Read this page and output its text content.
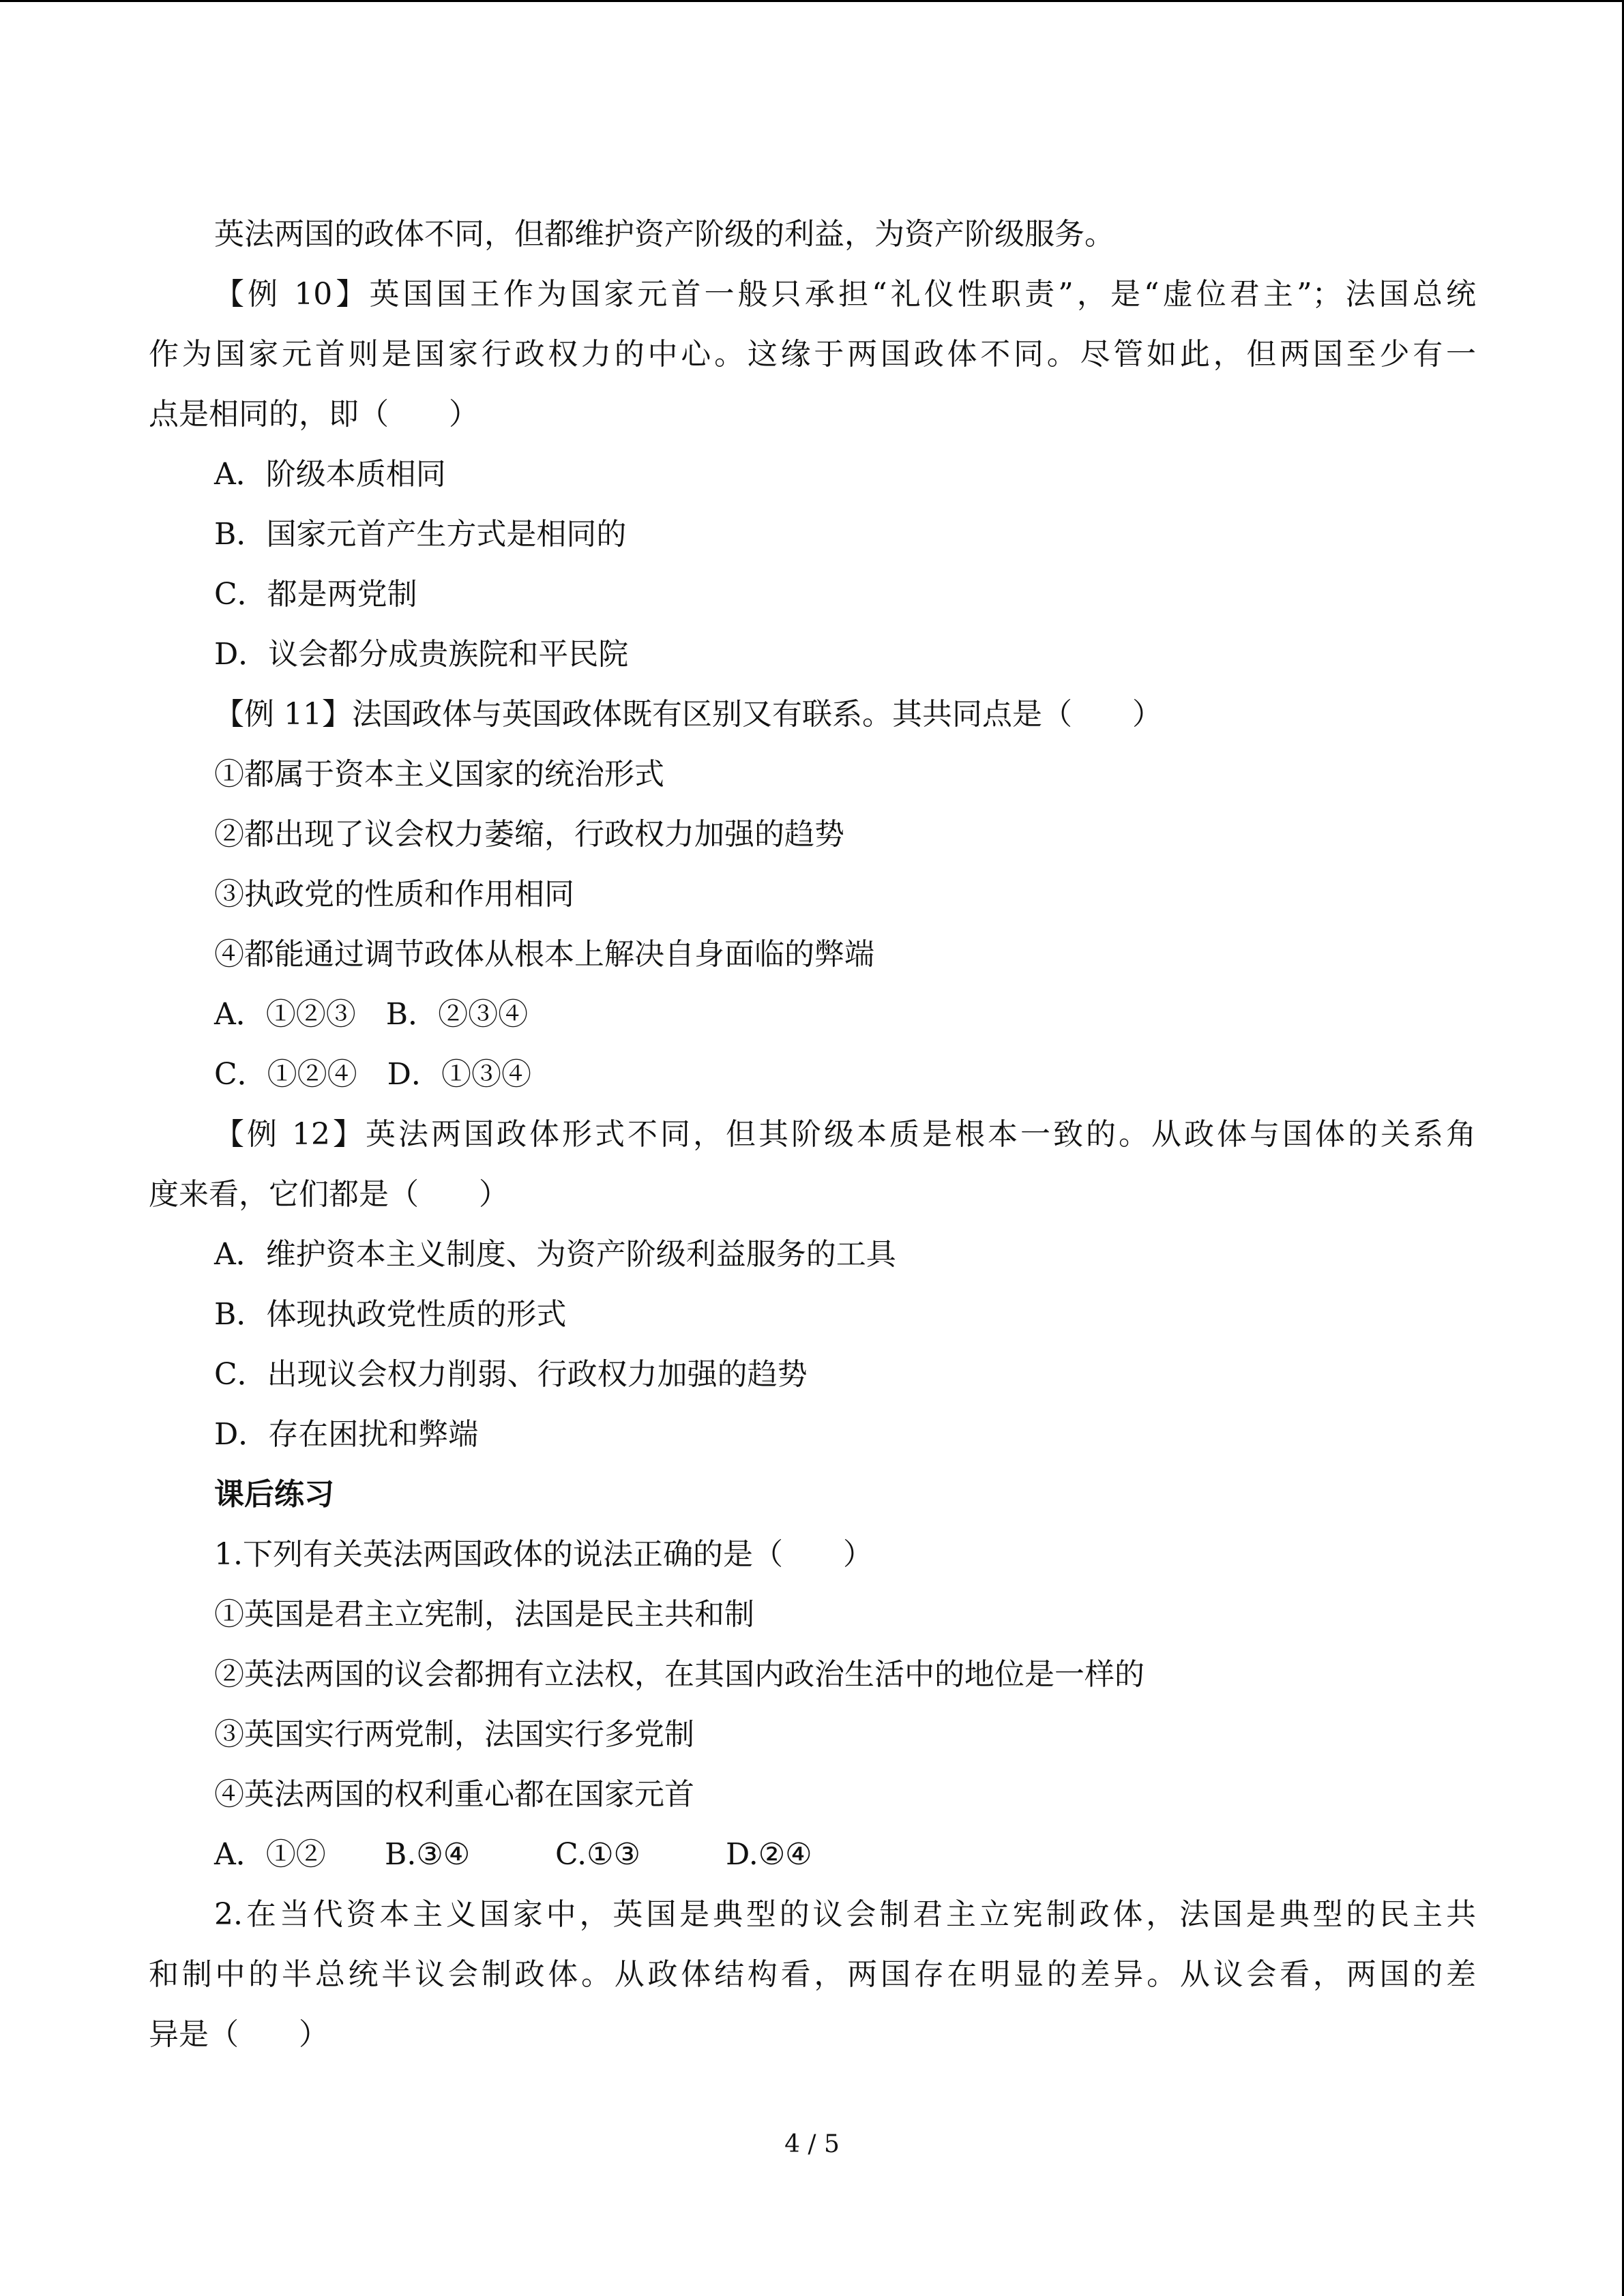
英法两国的政体不同，但都维护资产阶级的利益，为资产阶级服务。
【例 10】英国国王作为国家元首一般只承担“礼仪性职责”，是“虚位君主”；法国总统
作为国家元首则是国家行政权力的中心。这缘于两国政体不同。尽管如此，但两国至少有一
点是相同的，即（　　）
A．阶级本质相同
B．国家元首产生方式是相同的
C．都是两党制
D．议会都分成贵族院和平民院
【例 11】法国政体与英国政体既有区别又有联系。其共同点是（　　）
①都属于资本主义国家的统治形式
②都出现了议会权力萎缩，行政权力加强的趋势
③执政党的性质和作用相同
④都能通过调节政体从根本上解决自身面临的弊端
A．①②③　B．②③④
C．①②④　D．①③④
【例 12】英法两国政体形式不同，但其阶级本质是根本一致的。从政体与国体的关系角
度来看，它们都是（　　）
A．维护资本主义制度、为资产阶级利益服务的工具
B．体现执政党性质的形式
C．出现议会权力削弱、行政权力加强的趋势
D．存在困扰和弊端
课后练习
1.下列有关英法两国政体的说法正确的是（　　）
①英国是君主立宪制，法国是民主共和制
②英法两国的议会都拥有立法权，在其国内政治生活中的地位是一样的
③英国实行两党制，法国实行多党制
④英法两国的权利重心都在国家元首
A．①② B.③④	C.①③	D.②④
2.在当代资本主义国家中，英国是典型的议会制君主立宪制政体，法国是典型的民主共
和制中的半总统半议会制政体。从政体结构看，两国存在明显的差异。从议会看，两国的差
异是（　　）
4 / 5
